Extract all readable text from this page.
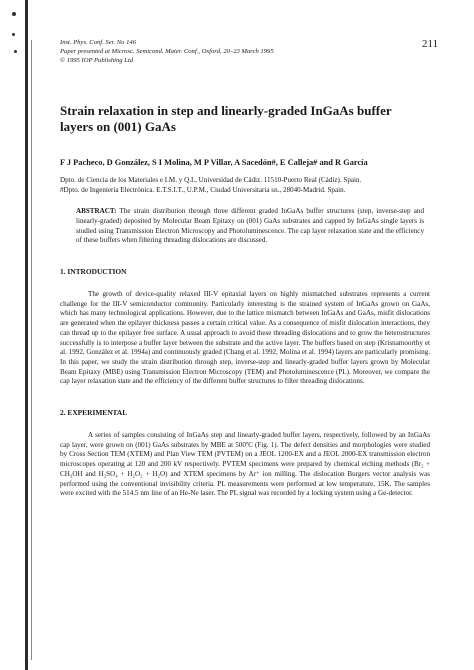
211
Inst. Phys. Conf. Ser. No 146
Paper presented at Microsc. Semicond. Mater. Conf., Oxford, 20–23 March 1995
© 1995 IOP Publishing Ltd
Strain relaxation in step and linearly-graded InGaAs buffer
layers on (001) GaAs
F J Pacheco, D González, S I Molina, M P Villar, A Sacedón#, E Calleja# and R García
Dpto. de Ciencia de los Materiales e I.M. y Q.I., Universidad de Cádiz. 11510-Puerto Real (Cádiz). Spain.
#Dpto. de Ingeniería Electrónica. E.T.S.I.T., U.P.M., Ciudad Universitaria sn., 28040-Madrid. Spain.
ABSTRACT: The strain distribution through three different graded InGaAs buffer structures (step, inverse-step and linearly-graded) deposited by Molecular Beam Epitaxy on (001) GaAs substrates and capped by InGaAs single layers is studied using Transmission Electron Microscopy and Photoluminescence. The cap layer relaxation state and the efficiency of these buffers when filtering threading dislocations are discussed.
1. INTRODUCTION
The growth of device-quality relaxed III-V epitaxial layers on highly mismatched substrates represents a current challenge for the III-V semiconductor community. Particularly interesting is the strained system of InGaAs grown on GaAs, which has many technological applications. However, due to the lattice mismatch between InGaAs and GaAs, misfit dislocations are generated when the epilayer thickness passes a certain critical value. As a consequence of misfit dislocation interactions, they can thread up to the epilayer free surface. A usual approach to avoid these threading dislocations and to grow the heterostructures successfully is to interpose a buffer layer between the substrate and the active layer. The buffers based on step (Krisnamoorthy et al. 1992, González et al. 1994a) and continuously graded (Chang et al. 1992, Molina et al. 1994) layers are particularly promising. In this paper, we study the strain distribution through step, inverse-step and linearly-graded buffer layers grown by Molecular Beam Epitaxy (MBE) using Transmission Electron Microscopy (TEM) and Photoluminescence (PL). Moreover, we compare the cap layer relaxation state and the efficiency of the different buffer structures to filter threading dislocations.
2. EXPERIMENTAL
A series of samples consisting of InGaAs step and linearly-graded buffer layers, respectively, followed by an InGaAs cap layer, were grown on (001) GaAs substrates by MBE at 500ºC (Fig. 1). The defect densities and morphologies were studied by Cross Section TEM (XTEM) and Plan View TEM (PVTEM) on a JEOL 1200-EX and a JEOL 2000-EX transmission electron microscopes operating at 120 and 200 kV respectively. PVTEM specimens were prepared by chemical etching methods (Br₂ + CH₃OH and H₂SO₄ + H₂O₂ + H₂O) and XTEM specimens by Ar⁺ ion milling. The dislocation Burgers vector analysis was performed using the conventional invisibility criteria. PL measurements were performed at low temperature, 15K. The samples were excited with the 514.5 nm line of an He-Ne laser. The PL signal was recorded by a locking system using a Ge-detector.
